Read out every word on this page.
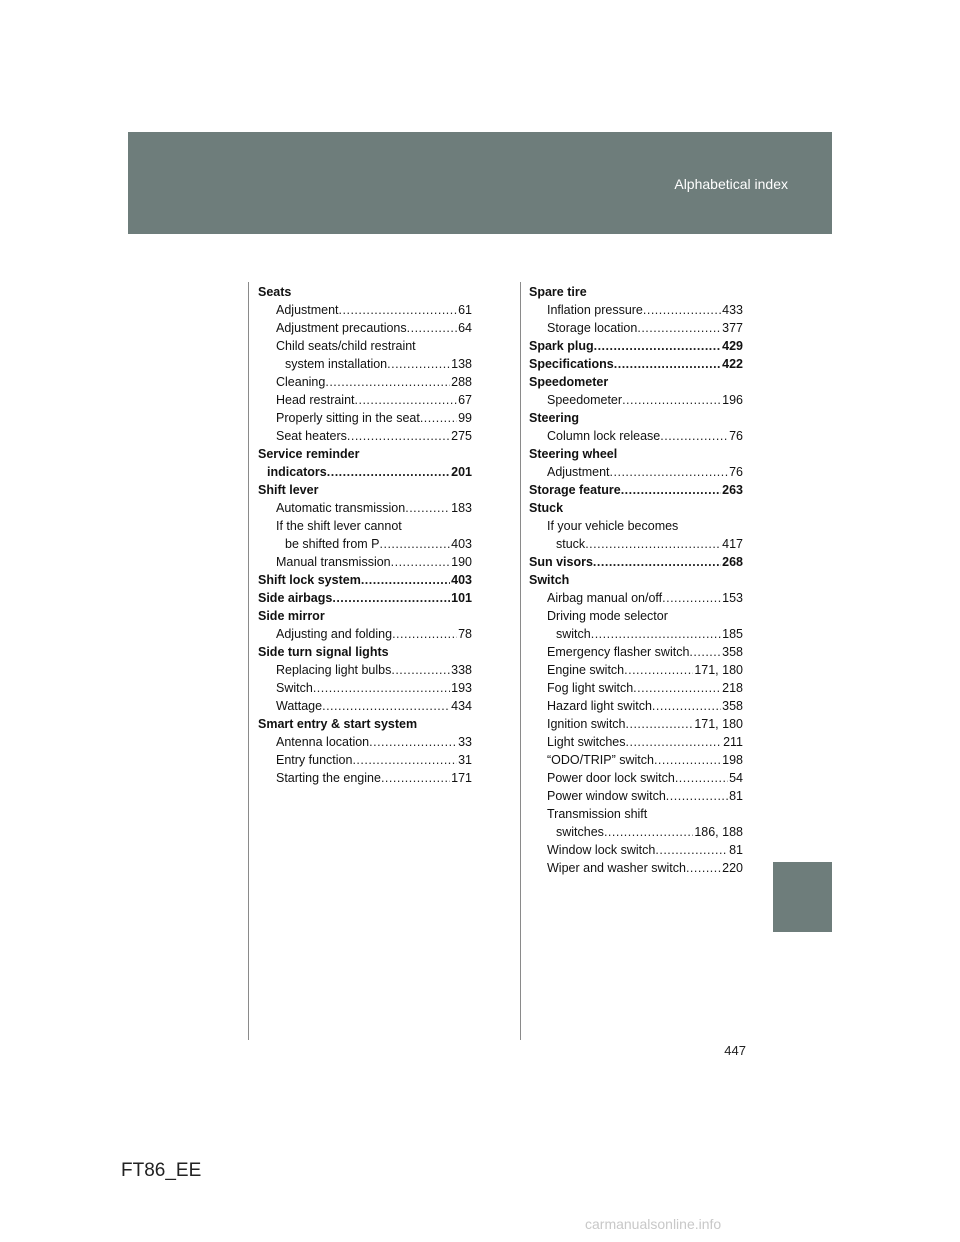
Alphabetical index
Seats
Adjustment .....	61
Adjustment precautions .....	64
Child seats/child restraint
system installation .....	138
Cleaning .....	288
Head restraint .....	67
Properly sitting in the seat .....	99
Seat heaters .....	275
Service reminder
indicators .....	201
Shift lever
Automatic transmission .....	183
If the shift lever cannot
be shifted from P .....	403
Manual transmission .....	190
Shift lock system .....	403
Side airbags .....	101
Side mirror
Adjusting and folding .....	78
Side turn signal lights
Replacing light bulbs .....	338
Switch .....	193
Wattage .....	434
Smart entry & start system
Antenna location .....	33
Entry function .....	31
Starting the engine .....	171
Spare tire
Inflation pressure .....	433
Storage location .....	377
Spark plug .....	429
Specifications .....	422
Speedometer
Speedometer .....	196
Steering
Column lock release .....	76
Steering wheel
Adjustment .....	76
Storage feature .....	263
Stuck
If your vehicle becomes
stuck .....	417
Sun visors .....	268
Switch
Airbag manual on/off .....	153
Driving mode selector
switch .....	185
Emergency flasher switch .....	358
Engine switch .....	171, 180
Fog light switch .....	218
Hazard light switch .....	358
Ignition switch .....	171, 180
Light switches .....	211
“ODO/TRIP” switch .....	198
Power door lock switch .....	54
Power window switch .....	81
Transmission shift
switches .....	186, 188
Window lock switch .....	81
Wiper and washer switch .....	220
447
FT86_EE
carmanualsonline.info
